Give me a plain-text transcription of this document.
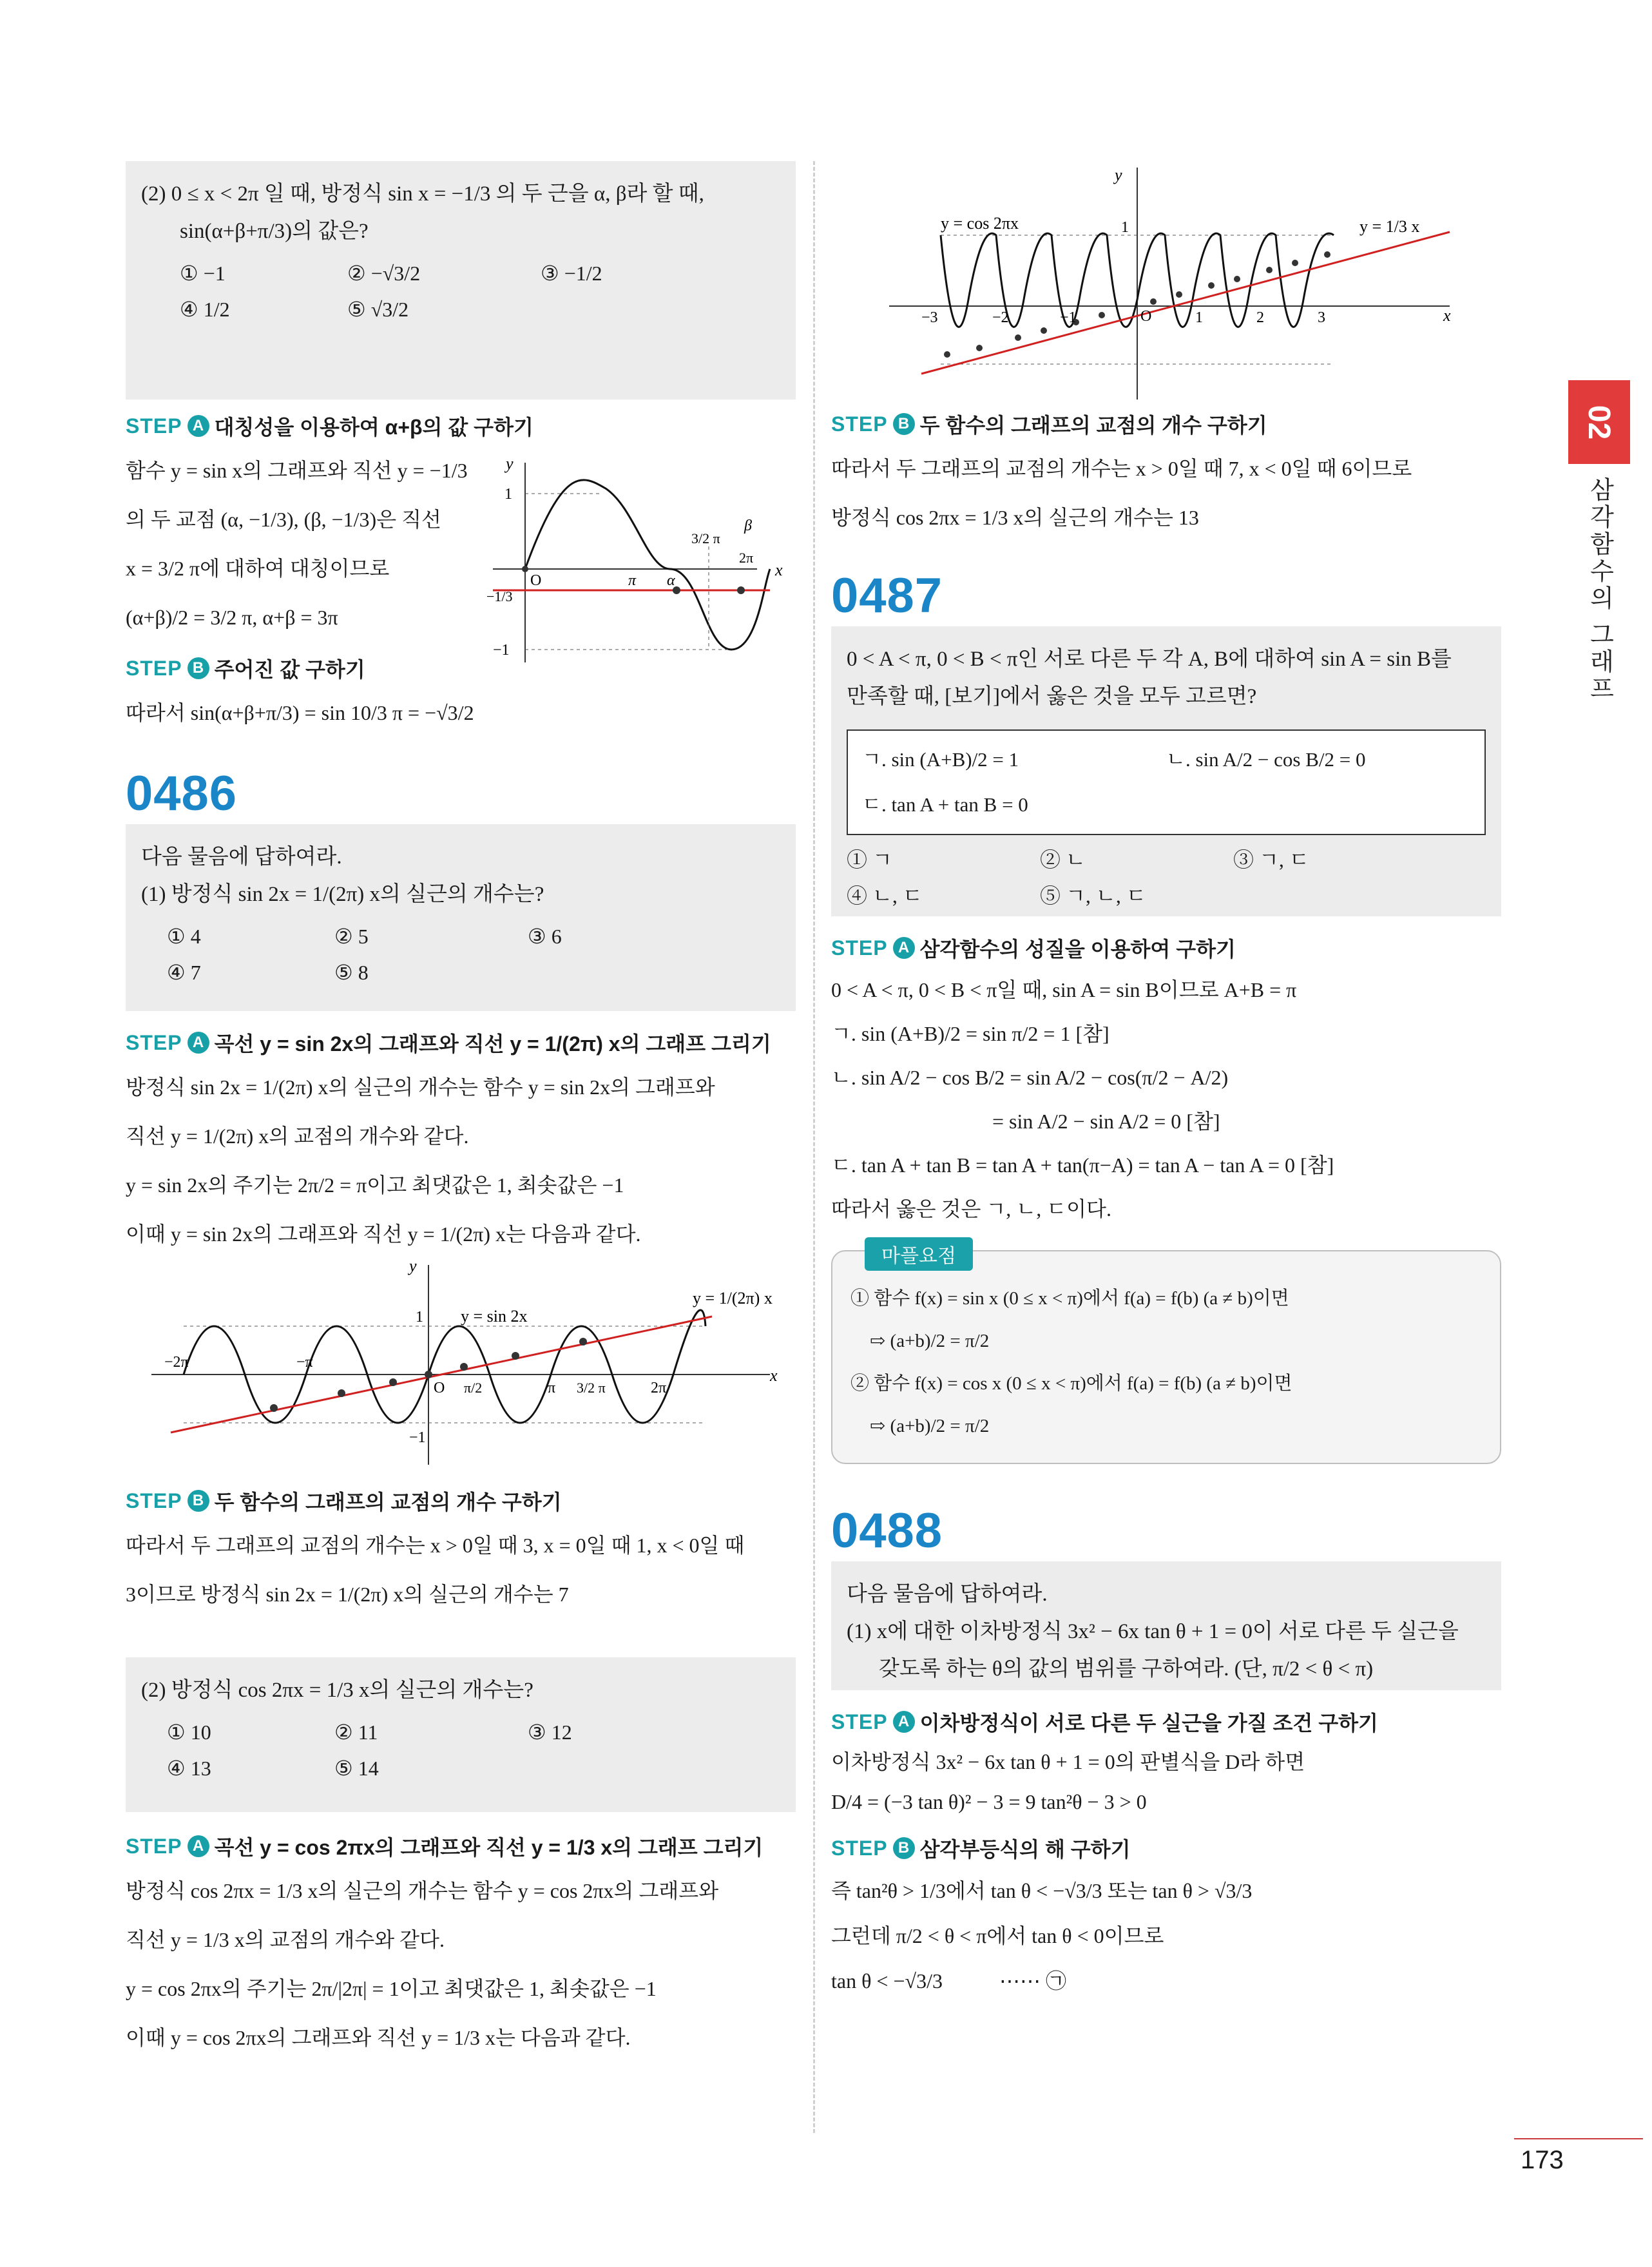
02
삼각함수의 그래프
(2) 0 ≤ x < 2π 일 때, 방정식 sin x = −1/3 의 두 근을 α, β라 할 때,
sin(α+β+π/3)의 값은?
① −1	② −√3/2	③ −1/2
④ 1/2	⑤ √3/2
STEP A 대칭성을 이용하여 α+β의 값 구하기
함수 y = sin x의 그래프와 직선 y = −1/3
의 두 교점 (α, −1/3), (β, −1/3)은 직선
x = 3/2 π에 대하여 대칭이므로
(α+β)/2 = 3/2 π, α+β = 3π
STEP B 주어진 값 구하기
따라서 sin(α+β+π/3) = sin 10/3 π = −√3/2
y
x
1
O
−1/3
−1
π α
3/2 π
β
2π
0486
다음 물음에 답하여라.
(1) 방정식 sin 2x = 1/(2π) x의 실근의 개수는?
① 4	② 5	③ 6
④ 7	⑤ 8
STEP A 곡선 y = sin 2x의 그래프와 직선 y = 1/(2π) x의 그래프 그리기
방정식 sin 2x = 1/(2π) x의 실근의 개수는 함수 y = sin 2x의 그래프와
직선 y = 1/(2π) x의 교점의 개수와 같다.
y = sin 2x의 주기는 2π/2 = π이고 최댓값은 1, 최솟값은 −1
이때 y = sin 2x의 그래프와 직선 y = 1/(2π) x는 다음과 같다.
y
x
1
−1
y = sin 2x
y = 1/(2π) x
−2π	−π
O π/2	π 3/2 π	2π
STEP B 두 함수의 그래프의 교점의 개수 구하기
따라서 두 그래프의 교점의 개수는 x > 0일 때 3, x = 0일 때 1, x < 0일 때
3이므로 방정식 sin 2x = 1/(2π) x의 실근의 개수는 7
(2) 방정식 cos 2πx = 1/3 x의 실근의 개수는?
① 10	② 11	③ 12
④ 13	⑤ 14
STEP A 곡선 y = cos 2πx의 그래프와 직선 y = 1/3 x의 그래프 그리기
방정식 cos 2πx = 1/3 x의 실근의 개수는 함수 y = cos 2πx의 그래프와
직선 y = 1/3 x의 교점의 개수와 같다.
y = cos 2πx의 주기는 2π/|2π| = 1이고 최댓값은 1, 최솟값은 −1
이때 y = cos 2πx의 그래프와 직선 y = 1/3 x는 다음과 같다.
y
x
1
y = cos 2πx	y = 1/3 x
O
−3	−2	−1	1	2	3
STEP B 두 함수의 그래프의 교점의 개수 구하기
따라서 두 그래프의 교점의 개수는 x > 0일 때 7, x < 0일 때 6이므로
방정식 cos 2πx = 1/3 x의 실근의 개수는 13
0487
0 < A < π, 0 < B < π인 서로 다른 두 각 A, B에 대하여 sin A = sin B를
만족할 때, [보기]에서 옳은 것을 모두 고르면?
ㄱ. sin (A+B)/2 = 1	ㄴ. sin A/2 − cos B/2 = 0
ㄷ. tan A + tan B = 0
① ㄱ	② ㄴ	③ ㄱ, ㄷ
④ ㄴ, ㄷ	⑤ ㄱ, ㄴ, ㄷ
STEP A 삼각함수의 성질을 이용하여 구하기
0 < A < π, 0 < B < π일 때, sin A = sin B이므로 A+B = π
ㄱ. sin (A+B)/2 = sin π/2 = 1 [참]
ㄴ. sin A/2 − cos B/2 = sin A/2 − cos(π/2 − A/2)
= sin A/2 − sin A/2 = 0 [참]
ㄷ. tan A + tan B = tan A + tan(π−A) = tan A − tan A = 0 [참]
따라서 옳은 것은 ㄱ, ㄴ, ㄷ이다.
마플요점
① 함수 f(x) = sin x (0 ≤ x < π)에서 f(a) = f(b) (a ≠ b)이면
⇨ (a+b)/2 = π/2
② 함수 f(x) = cos x (0 ≤ x < π)에서 f(a) = f(b) (a ≠ b)이면
⇨ (a+b)/2 = π/2
0488
다음 물음에 답하여라.
(1) x에 대한 이차방정식 3x² − 6x tan θ + 1 = 0이 서로 다른 두 실근을
갖도록 하는 θ의 값의 범위를 구하여라. (단, π/2 < θ < π)
STEP A 이차방정식이 서로 다른 두 실근을 가질 조건 구하기
이차방정식 3x² − 6x tan θ + 1 = 0의 판별식을 D라 하면
D/4 = (−3 tan θ)² − 3 = 9 tan²θ − 3 > 0
STEP B 삼각부등식의 해 구하기
즉 tan²θ > 1/3에서 tan θ < −√3/3 또는 tan θ > √3/3
그런데 π/2 < θ < π에서 tan θ < 0이므로
tan θ < −√3/3           ⋯⋯ ㉠
173
